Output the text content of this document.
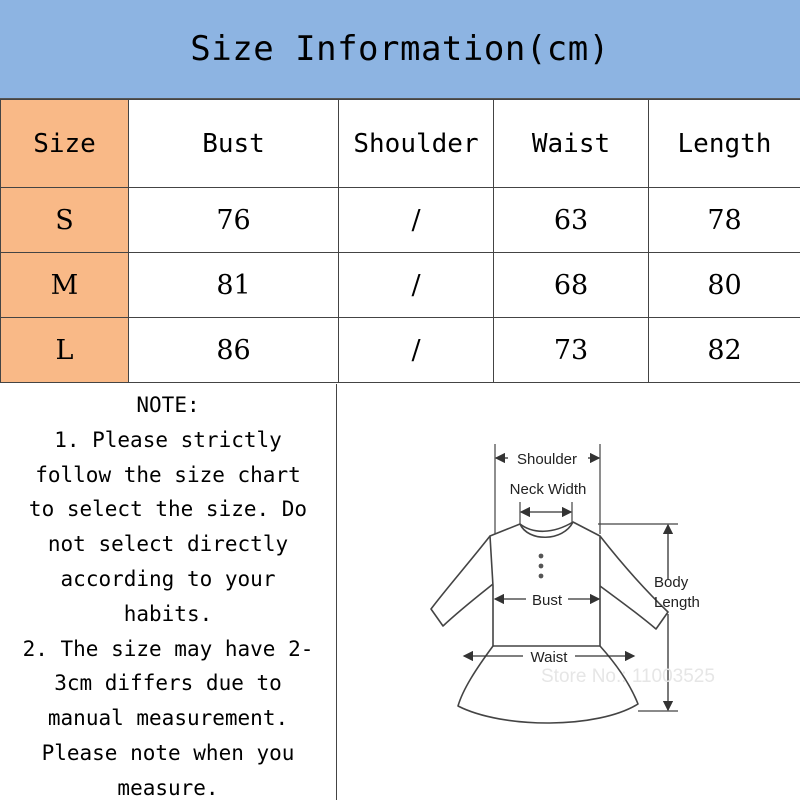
Size Information(cm)
Size	Bust	Shoulder	Waist	Length
S	76	/	63	78
M	81	/	68	80
L	86	/	73	82
NOTE:
1. Please strictly
follow the size chart
to select the size. Do
not select directly
according to your
habits.
2. The size may have 2-
3cm differs due to
manual measurement.
Please note when you
measure.
Shoulder
Neck Width
Bust
Waist
Body
Length
Store No.: 11003525
